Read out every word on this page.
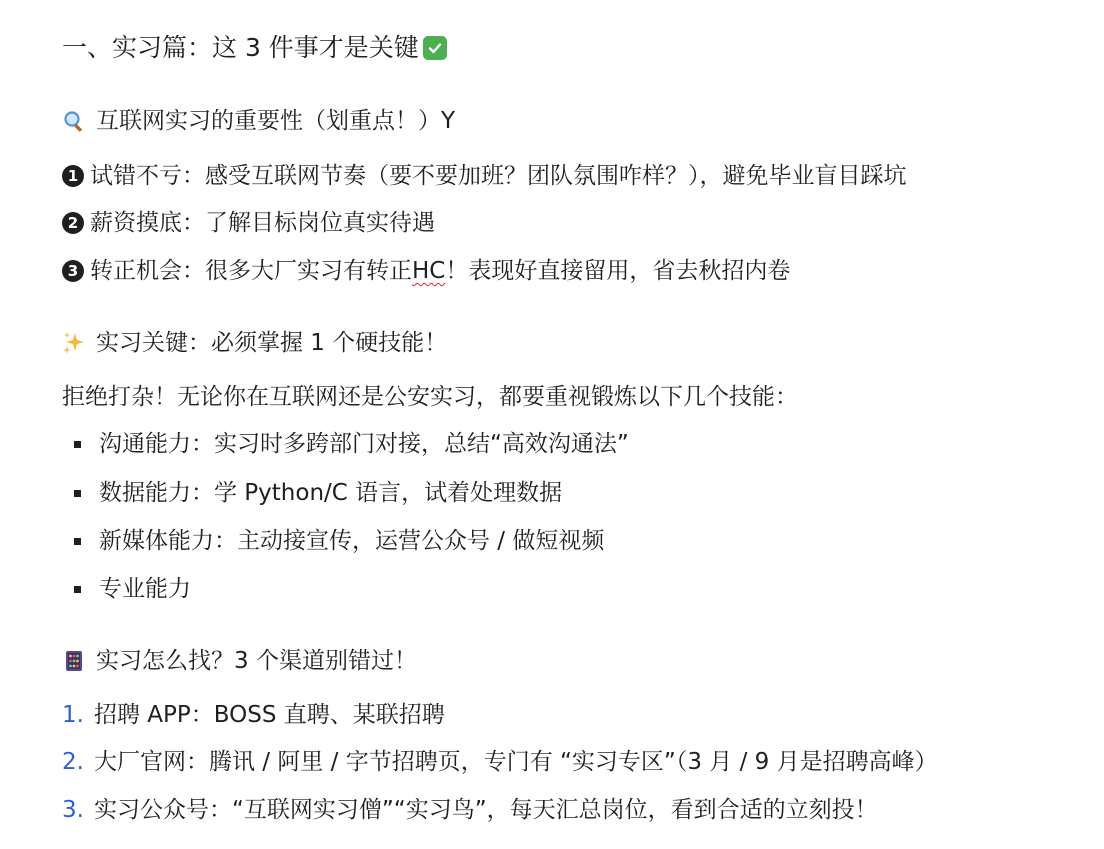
一、实习篇：这 3 件事才是关键
互联网实习的重要性（划重点！）Y
1 试错不亏：感受互联网节奏（要不要加班？团队氛围咋样？），避免毕业盲目踩坑
2 薪资摸底：了解目标岗位真实待遇
3 转正机会：很多大厂实习有转正 HC ！表现好直接留用，省去秋招内卷
实习关键：必须掌握 1 个硬技能！
拒绝打杂！无论你在互联网还是公安实习，都要重视锻炼以下几个技能：
沟通能力：实习时多跨部门对接，总结“高效沟通法”
数据能力：学 Python/C 语言，试着处理数据
新媒体能力：主动接宣传，运营公众号 / 做短视频
专业能力
实习怎么找？3 个渠道别错过！
1. 招聘 APP：BOSS 直聘、某联招聘
2. 大厂官网：腾讯 / 阿里 / 字节招聘页，专门有 “实习专区”（3 月 / 9 月是招聘高峰）
3. 实习公众号：“互联网实习僧”“实习鸟”，每天汇总岗位，看到合适的立刻投！
